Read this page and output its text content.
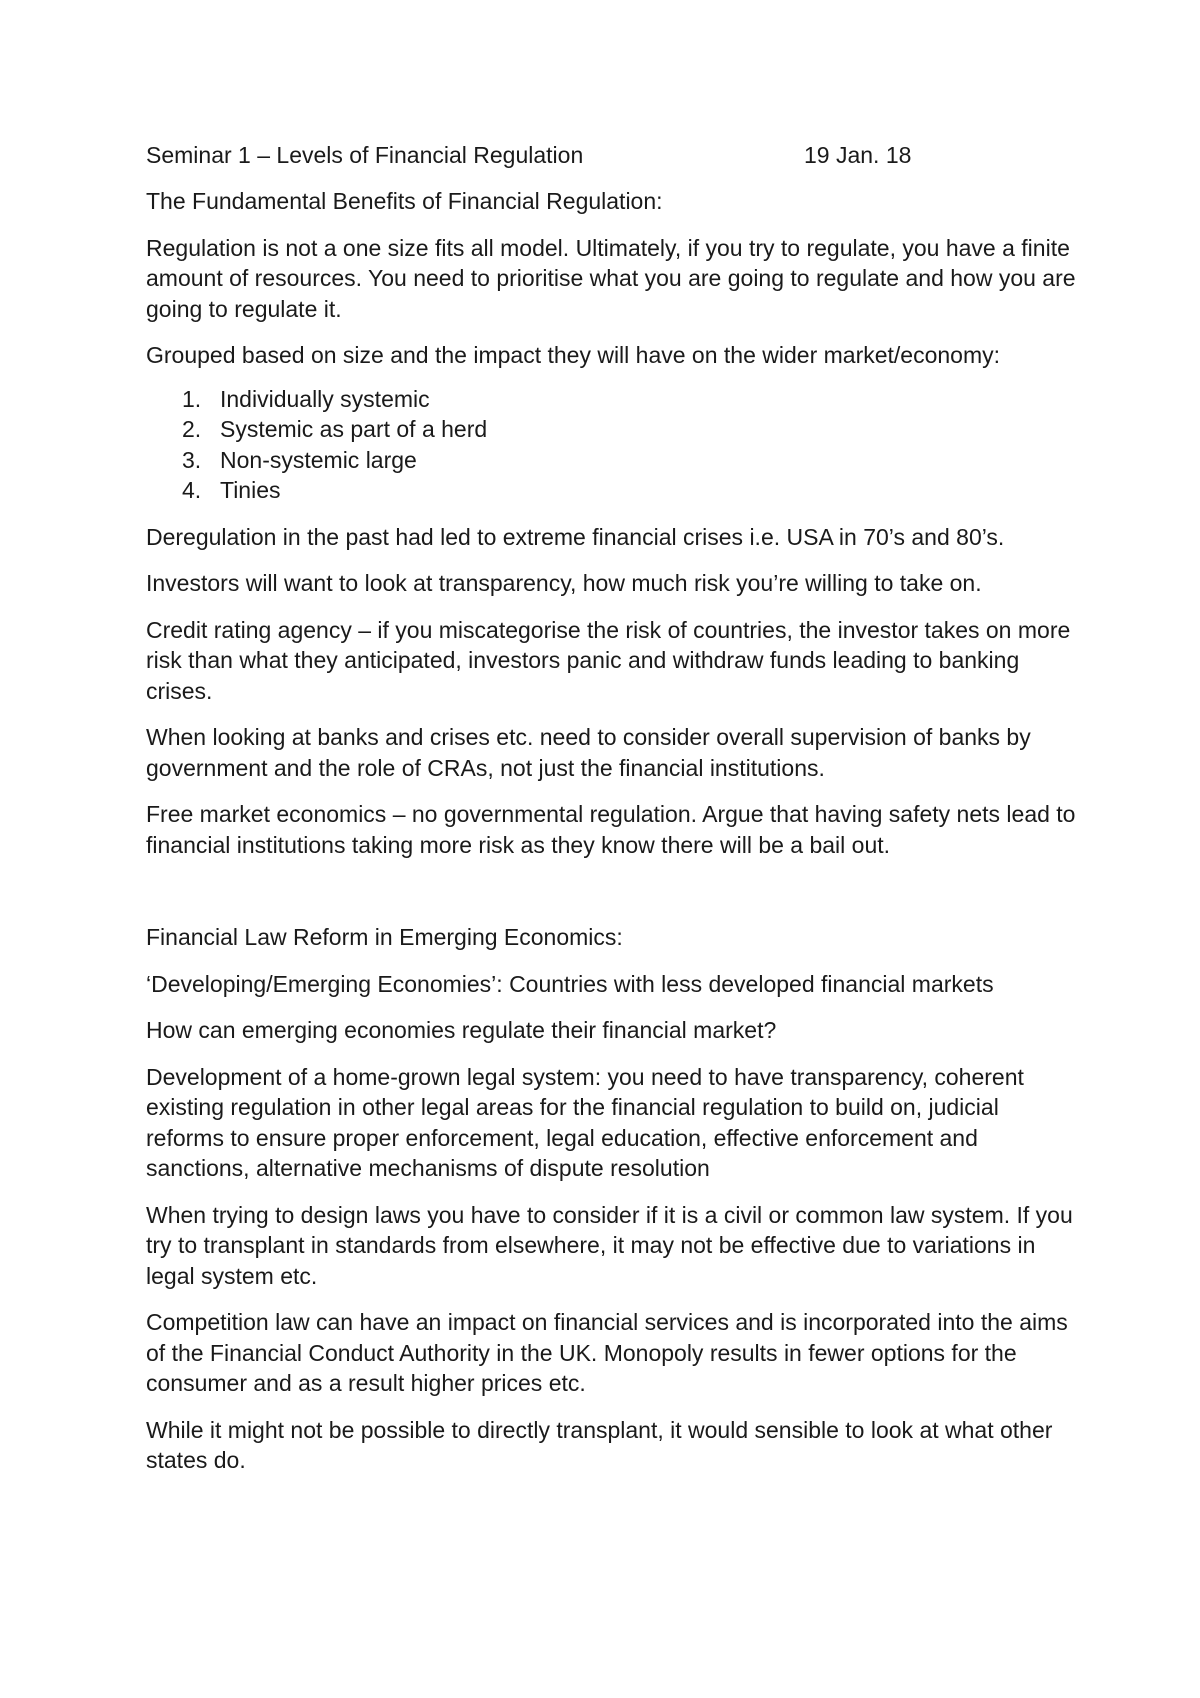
Seminar 1 – Levels of Financial Regulation	19 Jan. 18

The Fundamental Benefits of Financial Regulation:

Regulation is not a one size fits all model. Ultimately, if you try to regulate, you have a finite amount of resources. You need to prioritise what you are going to regulate and how you are going to regulate it.

Grouped based on size and the impact they will have on the wider market/economy:

1. Individually systemic
2. Systemic as part of a herd
3. Non-systemic large
4. Tinies

Deregulation in the past had led to extreme financial crises i.e. USA in 70’s and 80’s.

Investors will want to look at transparency, how much risk you’re willing to take on.

Credit rating agency – if you miscategorise the risk of countries, the investor takes on more risk than what they anticipated, investors panic and withdraw funds leading to banking crises.

When looking at banks and crises etc. need to consider overall supervision of banks by government and the role of CRAs, not just the financial institutions.

Free market economics – no governmental regulation. Argue that having safety nets lead to financial institutions taking more risk as they know there will be a bail out.

Financial Law Reform in Emerging Economics:

‘Developing/Emerging Economies’: Countries with less developed financial markets

How can emerging economies regulate their financial market?

Development of a home-grown legal system: you need to have transparency, coherent existing regulation in other legal areas for the financial regulation to build on, judicial reforms to ensure proper enforcement, legal education, effective enforcement and sanctions, alternative mechanisms of dispute resolution

When trying to design laws you have to consider if it is a civil or common law system. If you try to transplant in standards from elsewhere, it may not be effective due to variations in legal system etc.

Competition law can have an impact on financial services and is incorporated into the aims of the Financial Conduct Authority in the UK. Monopoly results in fewer options for the consumer and as a result higher prices etc.

While it might not be possible to directly transplant, it would sensible to look at what other states do.
